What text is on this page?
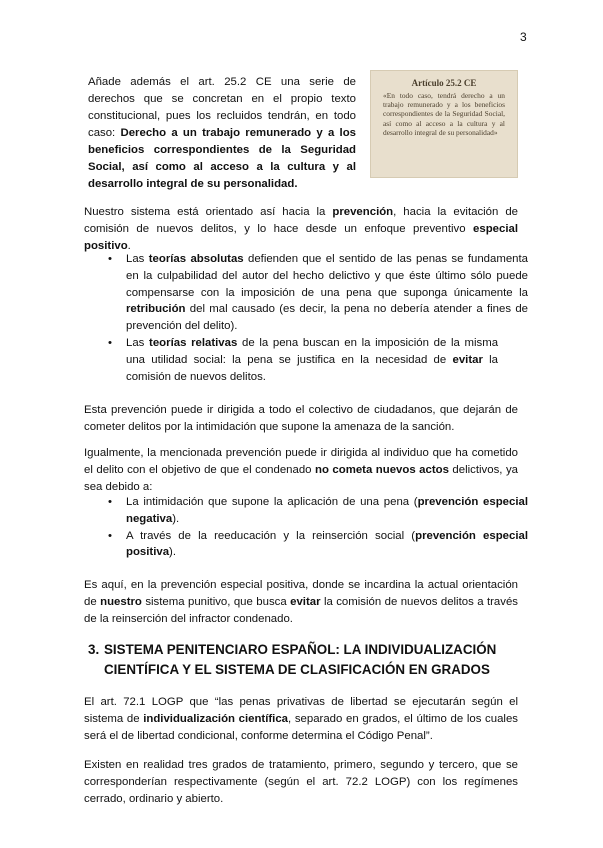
3

Añade además el art. 25.2 CE una serie de derechos que se concretan en el propio texto constitucional, pues los recluidos tendrán, en todo caso: Derecho a un trabajo remunerado y a los beneficios correspondientes de la Seguridad Social, así como al acceso a la cultura y al desarrollo integral de su personalidad.

Artículo 25.2 CE
«En todo caso, tendrá derecho a un trabajo remunerado y a los beneficios correspondientes de la Seguridad Social, así como al acceso a la cultura y al desarrollo integral de su personalidad»

Nuestro sistema está orientado así hacia la prevención, hacia la evitación de comisión de nuevos delitos, y lo hace desde un enfoque preventivo especial positivo.

• Las teorías absolutas defienden que el sentido de las penas se fundamenta en la culpabilidad del autor del hecho delictivo y que éste último sólo puede compensarse con la imposición de una pena que suponga únicamente la retribución del mal causado (es decir, la pena no debería atender a fines de prevención del delito).
• Las teorías relativas de la pena buscan en la imposición de la misma una utilidad social: la pena se justifica en la necesidad de evitar la comisión de nuevos delitos.

Esta prevención puede ir dirigida a todo el colectivo de ciudadanos, que dejarán de cometer delitos por la intimidación que supone la amenaza de la sanción.

Igualmente, la mencionada prevención puede ir dirigida al individuo que ha cometido el delito con el objetivo de que el condenado no cometa nuevos actos delictivos, ya sea debido a:

• La intimidación que supone la aplicación de una pena (prevención especial negativa).
• A través de la reeducación y la reinserción social (prevención especial positiva).

Es aquí, en la prevención especial positiva, donde se incardina la actual orientación de nuestro sistema punitivo, que busca evitar la comisión de nuevos delitos a través de la reinserción del infractor condenado.

3. SISTEMA PENITENCIARO ESPAÑOL: LA INDIVIDUALIZACIÓN
CIENTÍFICA Y EL SISTEMA DE CLASIFICACIÓN EN GRADOS

El art. 72.1 LOGP que “las penas privativas de libertad se ejecutarán según el sistema de individualización científica, separado en grados, el último de los cuales será el de libertad condicional, conforme determina el Código Penal”.

Existen en realidad tres grados de tratamiento, primero, segundo y tercero, que se corresponderían respectivamente (según el art. 72.2 LOGP) con los regímenes cerrado, ordinario y abierto.
